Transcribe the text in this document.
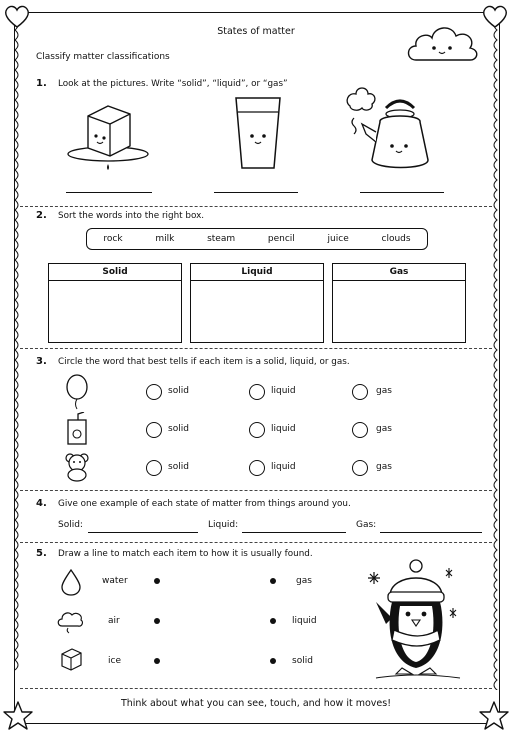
States of matter
Classify matter classifications
1. Look at the pictures. Write “solid”, “liquid”, or “gas”
2. Sort the words into the right box.
rock	milk	steam	pencil	juice	clouds
Solid	Liquid	Gas
3. Circle the word that best tells if each item is a solid, liquid, or gas.
solid	liquid	gas
solid	liquid	gas
solid	liquid	gas
4. Give one example of each state of matter from things around you.
Solid:	Liquid:	Gas:
5. Draw a line to match each item to how it is usually found.
water
air
ice
gas
liquid
solid
Think about what you can see, touch, and how it moves!
